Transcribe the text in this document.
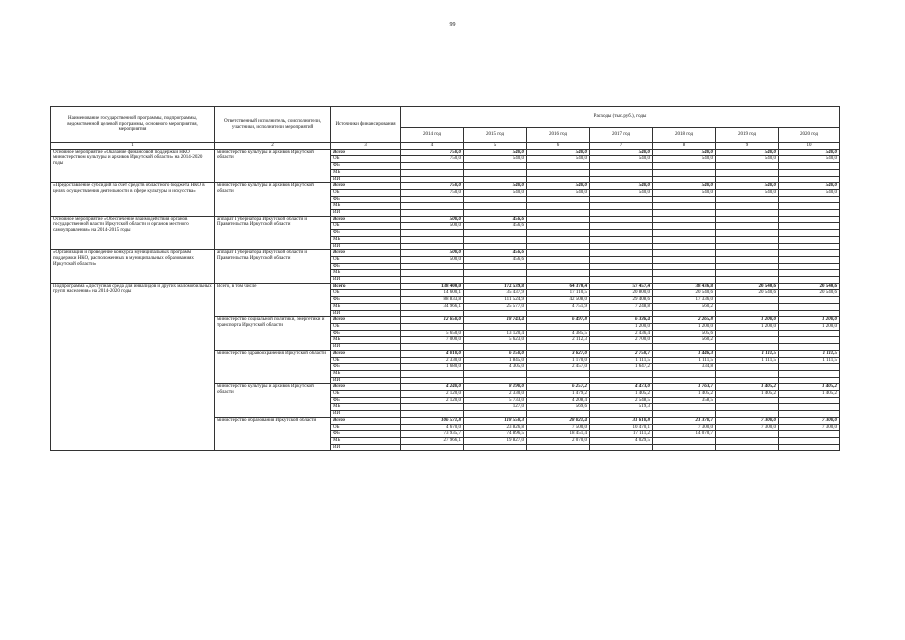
99
Наименование государственной программы, подпрограммы, ведомственной целевой программы, основного мероприятия, мероприятия	Ответственный исполнитель, соисполнители, участники, исполнители мероприятий	Источники финансирования	Расходы (тыс.руб.), годы						
			2014 год	2015 год	2016 год	2017 год	2018 год	2019 год	2020 год
1	2	3	4	5	6	7	8	9	10
Основное мероприятие «Оказание финансовой поддержки НКО министерством культуры и архивов Иркутской области» на 2014-2020 годы	министерство культуры и архивов Иркутской области	Всего	750,0	540,0	540,0	540,0	540,0	540,0	540,0
		ОБ	750,0	540,0	540,0	540,0	540,0	540,0	540,0
		ФБ							
		МБ							
		ИИ							
«Предоставление субсидий за счет средств областного бюджета НКО в целях осуществления деятельности в сфере культуры и искусства»	министерство культуры и архивов Иркутской области	Всего	750,0	540,0	540,0	540,0	540,0	540,0	540,0
		ОБ	750,0	540,0	540,0	540,0	540,0	540,0	540,0
		ФБ							
		МБ							
		ИИ							
Основное мероприятие «Обеспечение взаимодействия органов государственной власти Иркутской области и органов местного самоуправления» на 2014-2015 годы	аппарат Губернатора Иркутской области и Правительства Иркутской области	Всего	500,0	456,6					
		ОБ	500,0	456,6					
		ФБ							
		МБ							
		ИИ							
«Организация и проведение конкурса муниципальных программ поддержки НКО, расположенных в муниципальных образованиях Иркутской области»	аппарат Губернатора Иркутской области и Правительства Иркутской области	Всего	500,0	456,6					
		ОБ	500,0	456,6					
		ФБ							
		МБ							
		ИИ							
Подпрограмма «Доступная среда для инвалидов и других маломобильных групп населения» на 2014-2020 годы	Всего, в том числе	Всего	138 400,0	172 539,8	64 370,4	57 457,4	38 436,8	20 540,6	20 540,6
		ОБ	14 600,1	35 437,9	17 110,5	20 800,0	20 540,6	20 540,6	20 540,6
		ФБ	88 833,8	111 524,9	42 508,0	29 408,6	17 336,0		
		МБ	34 966,1	25 577,0	4 751,9	7 248,8	560,2		
		ИИ							
	министерство социальной политики, энергетики и транспорта Иркутской области	Всего	12 650,0	18 743,4	6 497,8	6 336,4	2 265,8	1 200,0	1 200,0
		ОБ				1 200,0	1 200,0	1 200,0	1 200,0
		ФБ	5 650,0	13 120,4	4 385,5	2 436,4	505,6		
		МБ	7 000,0	5 623,0	2 112,3	2 700,0	560,2		
		ИИ							
	министерство здравоохранения Иркутской области	Всего	4 010,0	6 150,0	3 627,0	2 758,7	1 446,3	1 111,5	1 111,5
		ОБ	2 330,0	1 845,0	1 170,0	1 111,5	1 111,5	1 111,5	1 111,5
		ФБ	1 680,0	4 305,0	2 457,0	1 647,2	334,8		
		МБ							
		ИИ							
	министерство культуры и архивов Иркутской области	Всего	4 240,0	8 190,0	6 257,2	4 473,0	1 763,7	1 405,2	1 405,2
		ОБ	2 120,0	2 330,0	1 479,2	1 405,2	1 405,2	1 405,2	1 405,2
		ФБ	2 120,0	5 733,0	4 208,4	2 548,5	358,5		
		МБ		127,0	569,6	519,3			
		ИИ							
	министерство образования Иркутской области	Всего	106 571,8	118 550,3	28 021,4	31 610,8	21 370,7	7 300,0	7 300,0
		ОБ	4 670,0	23 826,8	7 500,0	10 470,1	7 300,0	7 300,0	7 300,0
		ФБ	73 935,7	74 896,5	18 451,4	17 111,2	14 070,7		
		МБ	27 966,1	19 827,0	2 070,0	4 029,5			
		ИИ							
